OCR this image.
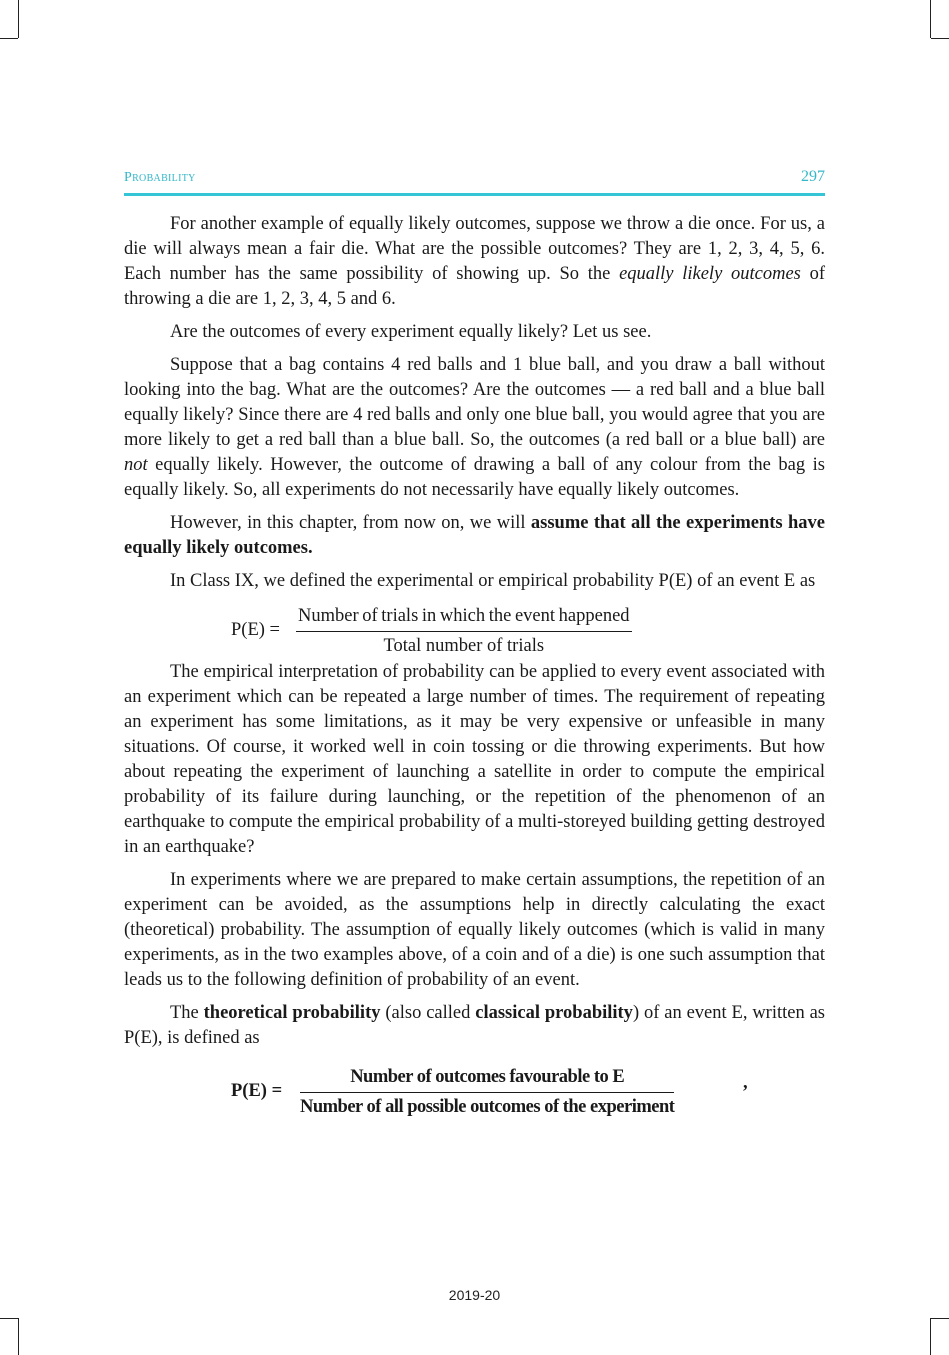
Probability	297

For another example of equally likely outcomes, suppose we throw a die once. For us, a die will always mean a fair die. What are the possible outcomes? They are 1, 2, 3, 4, 5, 6. Each number has the same possibility of showing up. So the equally likely outcomes of throwing a die are 1, 2, 3, 4, 5 and 6.

Are the outcomes of every experiment equally likely? Let us see.

Suppose that a bag contains 4 red balls and 1 blue ball, and you draw a ball without looking into the bag. What are the outcomes? Are the outcomes — a red ball and a blue ball equally likely? Since there are 4 red balls and only one blue ball, you would agree that you are more likely to get a red ball than a blue ball. So, the outcomes (a red ball or a blue ball) are not equally likely. However, the outcome of drawing a ball of any colour from the bag is equally likely. So, all experiments do not necessarily have equally likely outcomes.

However, in this chapter, from now on, we will assume that all the experiments have equally likely outcomes.

In Class IX, we defined the experimental or empirical probability P(E) of an event E as

P(E) =
Number of trials in which the event happened
Total number of trials

The empirical interpretation of probability can be applied to every event associated with an experiment which can be repeated a large number of times. The requirement of repeating an experiment has some limitations, as it may be very expensive or unfeasible in many situations. Of course, it worked well in coin tossing or die throwing experiments. But how about repeating the experiment of launching a satellite in order to compute the empirical probability of its failure during launching, or the repetition of the phenomenon of an earthquake to compute the empirical probability of a multi-storeyed building getting destroyed in an earthquake?

In experiments where we are prepared to make certain assumptions, the repetition of an experiment can be avoided, as the assumptions help in directly calculating the exact (theoretical) probability. The assumption of equally likely outcomes (which is valid in many experiments, as in the two examples above, of a coin and of a die) is one such assumption that leads us to the following definition of probability of an event.

The theoretical probability (also called classical probability) of an event E, written as P(E), is defined as

P(E) =
Number of outcomes favourable to E
Number of all possible outcomes of the experiment
,
2019-20
